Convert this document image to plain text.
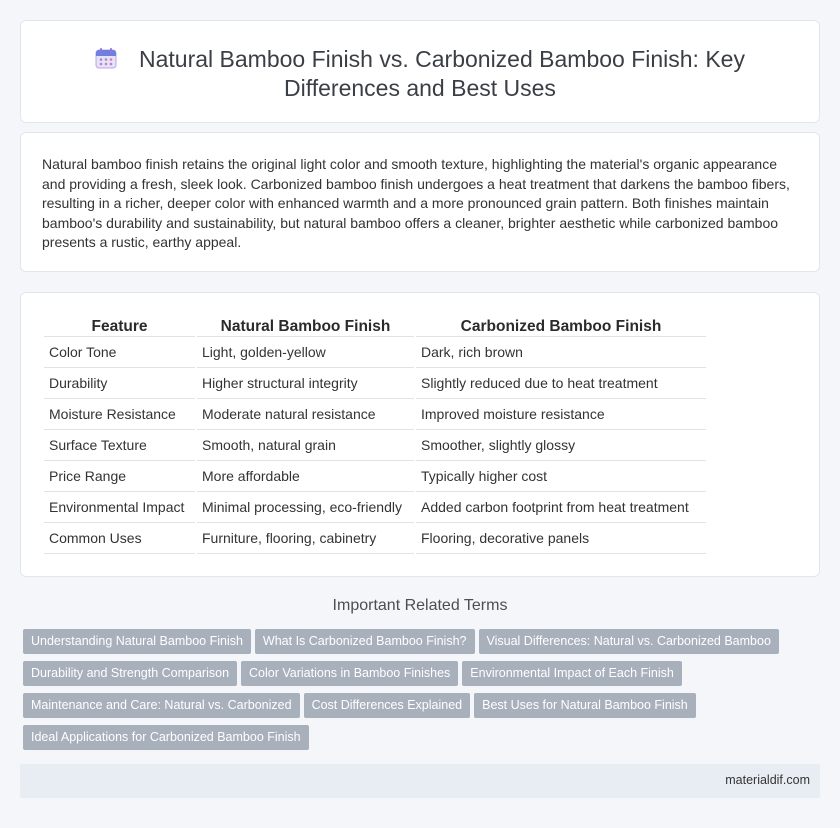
Natural Bamboo Finish vs. Carbonized Bamboo Finish: Key
Differences and Best Uses

Natural bamboo finish retains the original light color and smooth texture, highlighting the material's organic appearance and providing a fresh, sleek look. Carbonized bamboo finish undergoes a heat treatment that darkens the bamboo fibers, resulting in a richer, deeper color with enhanced warmth and a more pronounced grain pattern. Both finishes maintain bamboo's durability and sustainability, but natural bamboo offers a cleaner, brighter aesthetic while carbonized bamboo presents a rustic, earthy appeal.

Feature	Natural Bamboo Finish	Carbonized Bamboo Finish
Color Tone	Light, golden-yellow	Dark, rich brown
Durability	Higher structural integrity	Slightly reduced due to heat treatment
Moisture Resistance	Moderate natural resistance	Improved moisture resistance
Surface Texture	Smooth, natural grain	Smoother, slightly glossy
Price Range	More affordable	Typically higher cost
Environmental Impact	Minimal processing, eco-friendly	Added carbon footprint from heat treatment
Common Uses	Furniture, flooring, cabinetry	Flooring, decorative panels
Important Related Terms
Understanding Natural Bamboo Finish What Is Carbonized Bamboo Finish? Visual Differences: Natural vs. Carbonized Bamboo
Durability and Strength Comparison Color Variations in Bamboo Finishes Environmental Impact of Each Finish
Maintenance and Care: Natural vs. Carbonized Cost Differences Explained Best Uses for Natural Bamboo Finish
Ideal Applications for Carbonized Bamboo Finish
materialdif.com
